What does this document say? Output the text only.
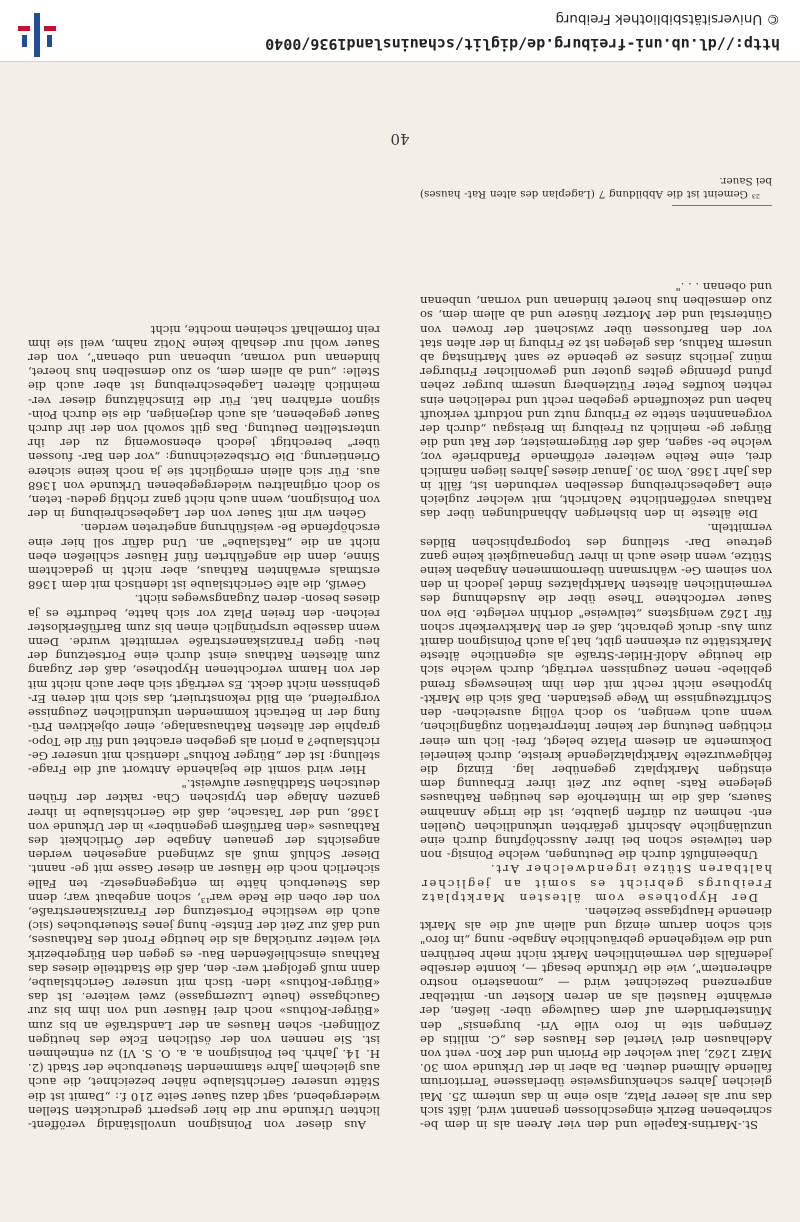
40

St.-Martins-Kapelle und den vier Areen als in dem be- schriebenen Bezirk eingeschlossen genannt wird, läßt sich das nur als leerer Platz, also eine in das unterm 25. Mai gleichen Jahres schenkungsweise überlassene Territorium fallende Allmend deuten. Da aber in der Urkunde vom 30. März 1262, laut welcher die Priorin und der Kon- vent von Adelhausen drei Viertel des Hauses des „C. militis de Zeringen site in foro ville Vri- burgensis" den Münsterbrüdern auf dem Gaulwege über- ließen, der erwähnte Hausteil als an deren Kloster un- mittelbar angrenzend bezeichnet wird — „monasterio nostro adherentem", wie die Urkunde besagt —, konnte derselbe jedenfalls den vermeintlichen Markt nicht mehr berühren und die weitgehende gebräuchliche Angabe- nung „in foro" sich schon darum einzig und allein auf die als Markt dienende Hauptgasse beziehen.

Der Hypothese vom ältesten Marktplatz Freiburgs gebricht es somit an jeglicher haltbaren Stütze irgendwelcher Art.

Unbeeinflußt durch die Deutungen, welche Poinsig- non den teilweise schon bei ihrer Ausschöpfung durch eine unzulängliche Abschrift gefärbten urkundlichen Quellen ent- nehmen zu dürfen glaubte, ist die irrige Annahme Sauers, daß die im Hinterhofe des heutigen Rathauses gelegene Rats- laube zur Zeit ihrer Erbauung dem einstigen Marktplatz gegenüber lag. Einzig die fehlgewurzelte Marktplatzlegende kreiste, durch keinerlei Dokumente an diesem Platze belegt, frei- lich um einer richtigen Deutung der keiner Interpretation zugänglichen, wenn auch wenigen, so doch völlig ausreichen- den Schriftzeugnisse im Wege gestanden. Daß sich die Markt- hypothese nicht recht mit den ihm keineswegs fremd gebliebe- nenen Zeugnissen verträgt, durch welche sich die heutige Adolf-Hitler-Straße als eigentliche älteste Marktstätte zu erkennen gibt, hat ja auch Poinsignon damit zum Aus- druck gebracht, daß er den Marktverkehr schon für 1262 wenigstens „teilweise" dorthin verlegte. Die von Sauer verfochtene These über die Ausdehnung des vermeintlichen ältesten Marktplatzes findet jedoch in den von seinem Ge- währsmann übernommenen Angaben keine Stütze, wenn diese auch in ihrer Ungenauigkeit keine ganz getreue Dar- stellung des topographischen Bildes vermitteln.

Die älteste in den bisherigen Abhandlungen über das Rathaus veröffentlichte Nachricht, mit welcher zugleich eine Lagebeschreibung desselben verbunden ist, fällt in das Jahr 1368. Vom 30. Januar dieses Jahres liegen nämlich drei, eine Reihe weiterer eröffnende Pfandbriefe vor, welche be- sagen, daß der Bürgermeister, der Rat und die Bürger ge- meinlich zu Freiburg im Breisgau „durch der vorgenannten stette ze Friburg nutz und notdurft verkouft haben und zekouffende gegeben recht und redelichen eins rehten kouffes Peter Fützlenberg unserm burger zehen pfund pfennige geltes guoter und gewonlicher Friburger münz jerlichs zinses ze gebende ze sant Martinstag ab unserm Rathus, das gelegen ist ze Friburg in der alten stat vor den Barfuossen über zwischent der frowen von Günterstal und der Mortzer hüsere und ab allem dem, so zuo demselben hus hoeret hindenan und vornan, unbenan und obenan . . ."

Aus dieser von Poinsignon unvollständig veröffent- lichten Urkunde nur die hier gesperrt gedruckten Stellen wiedergebend, sagt dazu Sauer Seite 210 f.: „Damit ist die Stätte unserer Gerichtslaube näher bezeichnet, die auch aus gleichem Jahre stammenden Steuerbuche der Stadt (2. H. 14. Jahrh. bei Poinsignon a. a. O. S. VI) zu entnehmen ist. Sie nennen von der östlichen Ecke des heutigen Zollingeri- schen Hauses an der Landstraße an bis zum «Bürger-Rothus» noch drei Häuser und von ihm bis zur Gauchgasse (heute Luzerngasse) zwei weitere. Ist das «Bürger-Rothus» iden- tisch mit unserer Gerichtslaube, dann muß gefolgert wer- den, daß die Stadtteile dieses das Rathaus einschließenden Bau- es gegen den Bürgerbezirk viel weiter zurücklag als die heutige Front des Rathauses, und daß zur Zeit der Entste- hung jenes Steuerbuches (sic) auch die westliche Fortsetzung der Franziskanerstraße, von der oben die Rede war¹³, schon angebaut war; denn das Steuerbuch hätte im entgegengesetz- ten Falle sicherlich noch die Häuser an dieser Gasse mit ge- nannt. Dieser Schluß muß als zwingend angesehen werden angesichts der genauen Angabe der Örtlichkeit des Rathauses «den Barfüßern gegenüber» in der Urkunde von 1368, und der Tatsache, daß die Gerichtslaube in ihrer ganzen Anlage den typischen Cha- rakter der frühen deutschen Stadthäuser aufweist."

Hier wird somit die bejahende Antwort auf die Frage- stellung: Ist der „Bürger Rothus" identisch mit unserer Ge- richtslaube? a priori als gegeben erachtet und für die Topo- graphie der ältesten Rathausanlage, einer objektiven Prü- fung der in Betracht kommenden urkundlichen Zeugnisse vorgreifend, ein Bild rekonstruiert, das sich mit deren Er- gebnissen nicht deckt. Es verträgt sich aber auch nicht mit der von Hamm verfochtenen Hypothese, daß der Zugang zum ältesten Rathaus einst durch eine Fortsetzung der heu- tigen Franziskanerstraße vermittelt wurde. Denn wenn dasselbe ursprünglich einen bis zum Barfüßerkloster reichen- den freien Platz vor sich hatte, bedurfte es ja dieses beson- deren Zugangsweges nicht.

Gewiß, die alte Gerichtslaube ist identisch mit dem 1368 erstmals erwähnten Rathaus, aber nicht in gedachtem Sinne, denn die angeführten fünf Häuser schließen eben nicht an die „Ratslaube" an. Und dafür soll hier eine erschöpfende Be- weisführung angetreten werden.

Gehen wir mit Sauer von der Lagebeschreibung in der von Poinsignon, wenn auch nicht ganz richtig gedeu- teten, so doch originaltreu wiedergegebenen Urkunde von 1368 aus. Für sich allein ermöglicht sie ja noch keine sichere Orientierung. Die Ortsbezeichnung: „vor den Bar- fuossen über" berechtigt jedoch ebensowenig zu der ihr unterstellten Deutung. Das gilt sowohl von der ihr durch Sauer gegebenen, als auch derjenigen, die sie durch Poin- signon erfahren hat. Für die Einschätzung dieser ver- meintlich älteren Lagebeschreibung ist aber auch die Stelle: „und ab allem dem, so zuo demselben hus hoeret, hindenan und vornan, unbenan und obenan", von der Sauer wohl nur deshalb keine Notiz nahm, weil sie ihm rein formelhaft scheinen mochte, nicht

²³ Gemeint ist die Abbildung 7 (Lageplan des alten Rat- hauses) bei Sauer.
http://dl.ub.uni-freiburg.de/diglit/schauinsland1936/0040
© Universitätsbibliothek Freiburg
